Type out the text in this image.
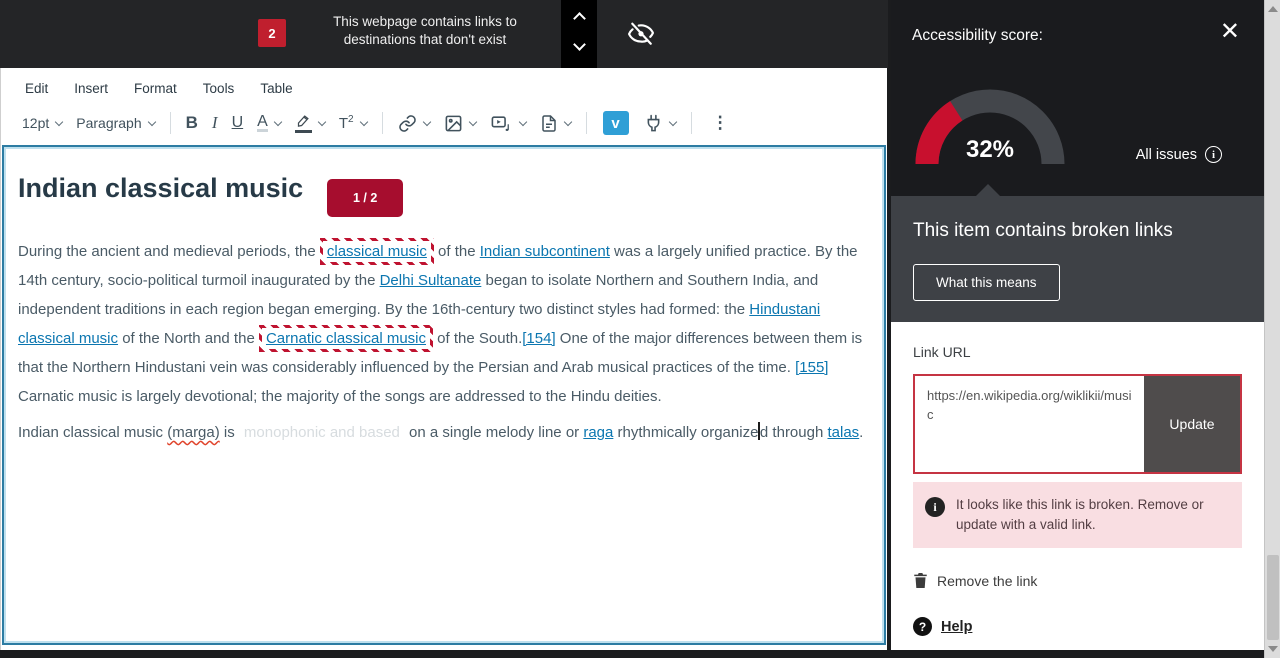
2
This webpage contains links to
destinations that don't exist
Edit Insert Format Tools Table
12pt Paragraph	B I U A	$T^2$	v	⋮
1 / 2
Indian classical music

During the ancient and medieval periods, the classical music of the Indian subcontinent was a largely unified practice. By the 14th century, socio-political turmoil inaugurated by the Delhi Sultanate began to isolate Northern and Southern India, and independent traditions in each region began emerging. By the 16th-century two distinct styles had formed: the Hindustani classical music of the North and the Carnatic classical music of the South.[154] One of the major differences between them is that the Northern Hindustani vein was considerably influenced by the Persian and Arab musical practices of the time. [155] Carnatic music is largely devotional; the majority of the songs are addressed to the Hindu deities.

Indian classical music (marga) is monophonic and based on a single melody line or raga rhythmically organize d through talas.

Accessibility score:	✕
32%	All issues	i
This item contains broken links
What this means
Link URL
https://en.wikipedia.org/wiklikii/music
Update
i	It looks like this link is broken. Remove or update with a valid link.
Remove the link
?	Help
